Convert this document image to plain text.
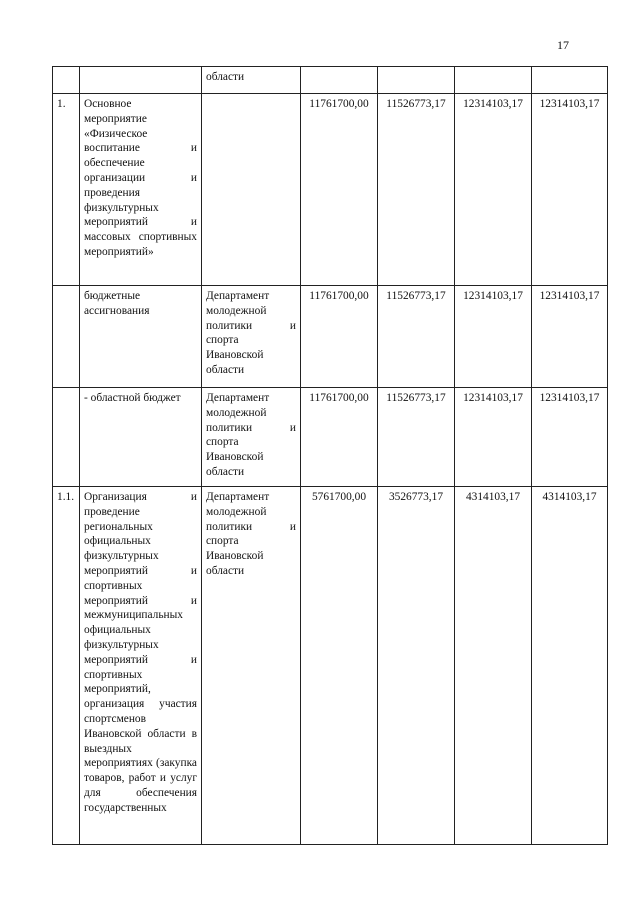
17

		области				

1.	Основное мероприятие «Физическое воспитание и обеспечение организации и проведения физкультурных мероприятий и массовых спортивных мероприятий»		11761700,00	11526773,17	12314103,17	12314103,17

	бюджетные ассигнования	Департамент молодежной политики и спорта Ивановской области	11761700,00	11526773,17	12314103,17	12314103,17

	- областной бюджет	Департамент молодежной политики и спорта Ивановской области	11761700,00	11526773,17	12314103,17	12314103,17
1.1.	Организация и проведение региональных официальных физкультурных мероприятий и спортивных мероприятий и межмуниципальных официальных физкультурных мероприятий и спортивных мероприятий, организация участия спортсменов Ивановской области в выездных мероприятиях (закупка товаров, работ и услуг для обеспечения государственных	Департамент молодежной политики и спорта Ивановской области	5761700,00	3526773,17	4314103,17	4314103,17
